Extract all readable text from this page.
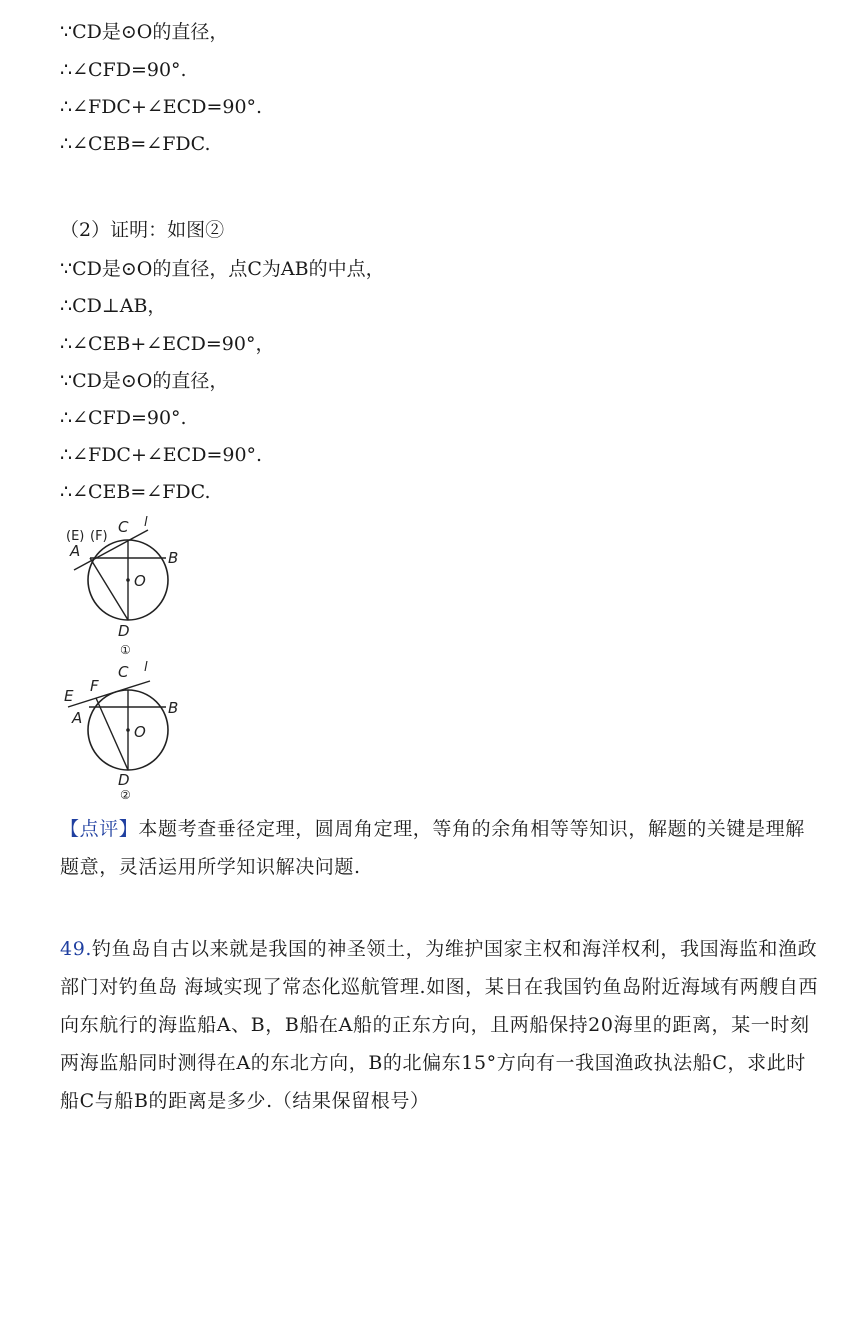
∵CD是⊙O的直径，
∴∠CFD=90°.
∴∠FDC+∠ECD=90°.
∴∠CEB=∠FDC.
（2）证明：如图②
∵CD是⊙O的直径，点C为AB的中点，
∴CD⊥AB，
∴∠CEB+∠ECD=90°，
∵CD是⊙O的直径，
∴∠CFD=90°.
∴∠FDC+∠ECD=90°.
∴∠CEB=∠FDC.
(E) (F)
C l
A	B
O
D
①
E
F
C l
A
B
O
D
②
【点评】本题考查垂径定理，圆周角定理，等角的余角相等等知识，解题的关键是理解题意，灵活运用所学知识解决问题.
49.钓鱼岛自古以来就是我国的神圣领土，为维护国家主权和海洋权利，我国海监和渔政部门对钓鱼岛 海域实现了常态化巡航管理.如图，某日在我国钓鱼岛附近海域有两艘自西向东航行的海监船A、B，B船在A船的正东方向，且两船保持20海里的距离，某一时刻两海监船同时测得在A的东北方向，B的北偏东15°方向有一我国渔政执法船C，求此时船C与船B的距离是多少.（结果保留根号）
